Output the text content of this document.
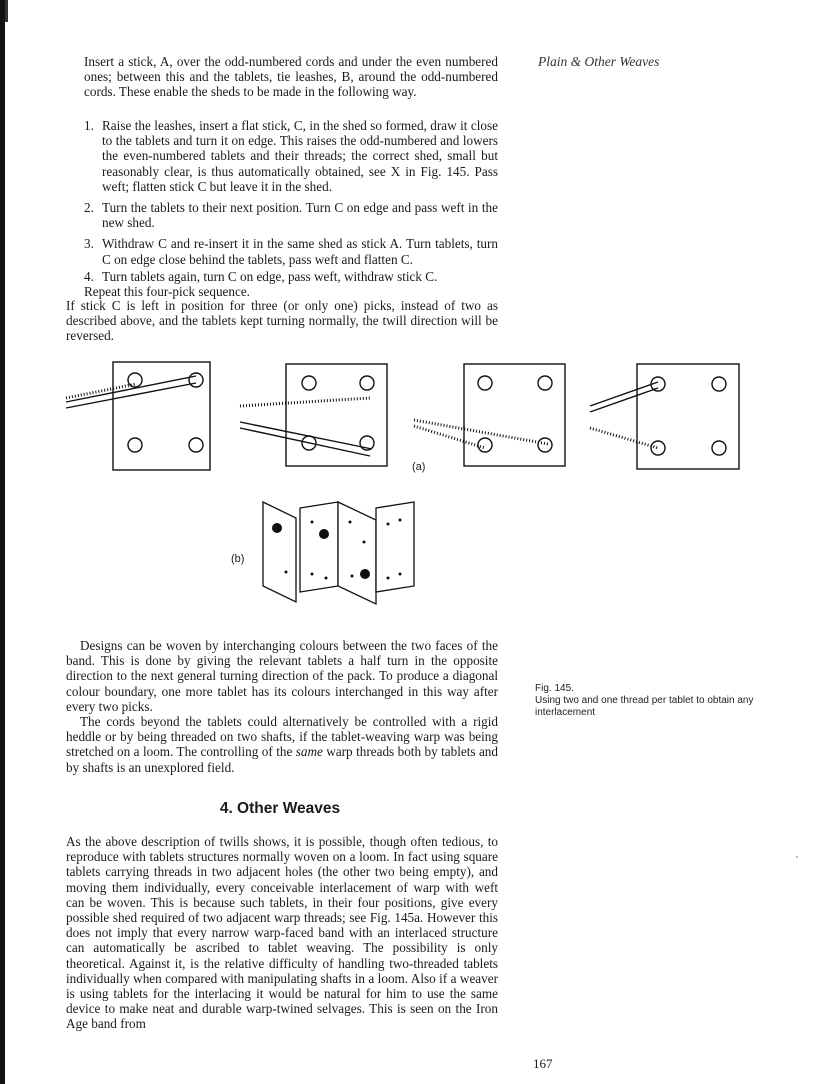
Plain & Other Weaves

Insert a stick, A, over the odd-numbered cords and under the even numbered ones; between this and the tablets, tie leashes, B, around the odd-numbered cords. These enable the sheds to be made in the following way.

1. Raise the leashes, insert a flat stick, C, in the shed so formed, draw it close to the tablets and turn it on edge. This raises the odd-numbered and lowers the even-numbered tablets and their threads; the correct shed, small but reasonably clear, is thus automatically obtained, see X in Fig. 145. Pass weft; flatten stick C but leave it in the shed.
2. Turn the tablets to their next position. Turn C on edge and pass weft in the new shed.
3. Withdraw C and re-insert it in the same shed as stick A. Turn tablets, turn C on edge close behind the tablets, pass weft and flatten C.
4. Turn tablets again, turn C on edge, pass weft, withdraw stick C.
Repeat this four-pick sequence.

If stick C is left in position for three (or only one) picks, instead of two as described above, and the tablets kept turning normally, the twill direction will be reversed.

(a)
(b)

Designs can be woven by interchanging colours between the two faces of the band. This is done by giving the relevant tablets a half turn in the opposite direction to the next general turning direction of the pack. To produce a diagonal colour boundary, one more tablet has its colours interchanged in this way after every two picks.

The cords beyond the tablets could alternatively be controlled with a rigid heddle or by being threaded on two shafts, if the tablet-weaving warp was being stretched on a loom. The controlling of the same warp threads both by tablets and by shafts is an unexplored field.

Fig. 145.
Using two and one thread per tablet to obtain any interlacement
4. Other Weaves

As the above description of twills shows, it is possible, though often tedious, to reproduce with tablets structures normally woven on a loom. In fact using square tablets carrying threads in two adjacent holes (the other two being empty), and moving them individually, every conceivable interlacement of warp with weft can be woven. This is because such tablets, in their four positions, give every possible shed required of two adjacent warp threads; see Fig. 145a. However this does not imply that every narrow warp-faced band with an interlaced structure can automatically be ascribed to tablet weaving. The possibility is only theoretical. Against it, is the relative difficulty of handling two-threaded tablets individually when compared with manipulating shafts in a loom. Also if a weaver is using tablets for the interlacing it would be natural for him to use the same device to make neat and durable warp-twined selvages. This is seen on the Iron Age band from

167
